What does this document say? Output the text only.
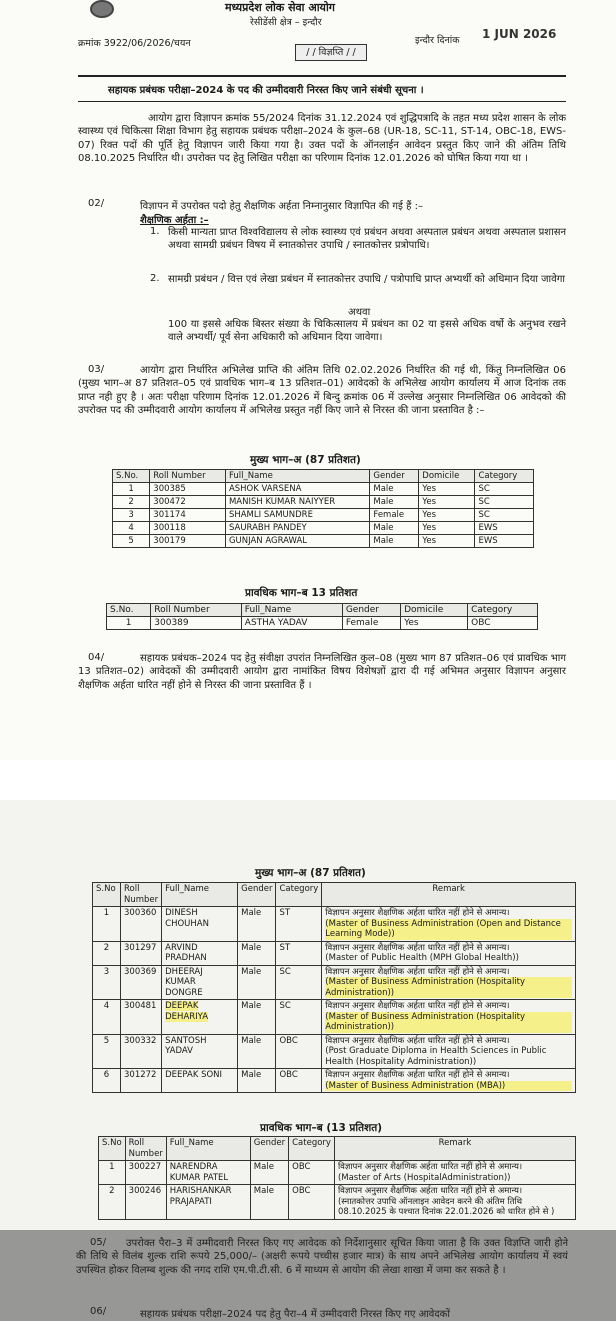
मध्यप्रदेश लोक सेवा आयोग
रेसीडेंसी क्षेत्र – इन्दौर
क्रमांक 3922/06/2026/चयन	इन्दौर दिनांक 1 JUN 2026
/ / विज्ञप्ति / /
सहायक प्रबंधक परीक्षा–2024 के पद की उम्मीदवारी निरस्त किए जाने संबंधी सूचना ।
आयोग द्वारा विज्ञापन क्रमांक 55/2024 दिनांक 31.12.2024 एवं शुद्धिपत्रादि के तहत मध्य प्रदेश शासन के लोक स्वास्थ्य एवं चिकित्सा शिक्षा विभाग हेतु सहायक प्रबंधक परीक्षा–2024 के कुल–68 (UR-18, SC-11, ST-14, OBC-18, EWS-07) रिक्त पदों की पूर्ति हेतु विज्ञापन जारी किया गया है। उक्त पदों के ऑनलाईन आवेदन प्रस्तुत किए जाने की अंतिम तिथि 08.10.2025 निर्धारित थी। उपरोक्त पद हेतु लिखित परीक्षा का परिणाम दिनांक 12.01.2026 को घोषित किया गया था ।
02/	विज्ञापन में उपरोक्त पदो हेतु शैक्षणिक अर्हता निम्नानुसार विज्ञापित की गई हैं :–
शैक्षणिक अर्हता :–
1. किसी मान्यता प्राप्त विश्वविद्यालय से लोक स्वास्थ्य एवं प्रबंधन अथवा अस्पताल प्रबंधन अथवा अस्पताल प्रशासन अथवा सामग्री प्रबंधन विषय में स्नातकोत्तर उपाधि / स्नातकोत्तर प्रत्रोपाधि।
2. सामग्री प्रबंधन / वित्त एवं लेखा प्रबंधन में स्नातकोत्तर उपाधि / पत्रोपाधि प्राप्त अभ्यर्थी को अधिमान दिया जावेगा
अथवा
100 या इससे अधिक बिस्तर संख्या के चिकित्सालय में प्रबंधन का 02 या इससे अधिक वर्षो के अनुभव रखने वाले अभ्यर्थी/ पूर्व सेना अधिकारी को अधिमान दिया जावेगा।
03/	आयोग द्वारा निर्धारित अभिलेख प्राप्ति की अंतिम तिथि 02.02.2026 निर्धारित की गई थी, किंतु निम्नलिखित 06 (मुख्य भाग–अ 87 प्रतिशत–05 एवं प्रावधिक भाग–ब 13 प्रतिशत–01) आवेदको के अभिलेख आयोग कार्यालय में आज दिनांक तक प्राप्त नही हुए है । अतः परीक्षा परिणाम दिनांक 12.01.2026 में बिन्दु क्रमांक 06 में उल्लेख अनुसार निम्नलिखित 06 आवेदको की उपरोक्त पद की उम्मीदवारी आयोग कार्यालय में अभिलेख प्रस्तुत नहीं किए जाने से निरस्त की जाना प्रस्तावित है :–
मुख्य भाग–अ (87 प्रतिशत)
S.No.	Roll Number	Full_Name	Gender	Domicile	Category
1	300385	ASHOK VARSENA	Male	Yes	SC
2	300472	MANISH KUMAR NAIYYER	Male	Yes	SC
3	301174	SHAMLI SAMUNDRE	Female	Yes	SC
4	300118	SAURABH PANDEY	Male	Yes	EWS
5	300179	GUNJAN AGRAWAL	Male	Yes	EWS
प्रावधिक भाग–ब 13 प्रतिशत
S.No.	Roll Number	Full_Name	Gender	Domicile	Category
1	300389	ASTHA YADAV	Female	Yes	OBC
04/	सहायक प्रबंधक–2024 पद हेतु संवीक्षा उपरांत निम्नलिखित कुल–08 (मुख्य भाग 87 प्रतिशत–06 एवं प्रावधिक भाग 13 प्रतिशत–02) आवेदकों की उम्मीदवारी आयोग द्वारा नामांकित विषय विशेषज्ञों द्वारा दी गई अभिमत अनुसार विज्ञापन अनुसार शैक्षणिक अर्हता धारित नहीं होने से निरस्त की जाना प्रस्तावित हैं ।
मुख्य भाग–अ (87 प्रतिशत)
S.No	Roll Number	Full_Name	Gender	Category	Remark
1	300360	DINESH CHOUHAN	Male	ST	विज्ञापन अनुसार शैक्षणिक अर्हता धारित नहीं होने से अमान्य।
(Master of Business Administration (Open and Distance Learning Mode))

2	301297	ARVIND PRADHAN	Male	ST	विज्ञापन अनुसार शैक्षणिक अर्हता धारित नहीं होने से अमान्य।
(Master of Public Health (MPH Global Health))

3	300369	DHEERAJ KUMAR DONGRE	Male	SC	विज्ञापन अनुसार शैक्षणिक अर्हता धारित नहीं होने से अमान्य।
(Master of Business Administration (Hospitality Administration))

4	300481	DEEPAK DEHARIYA	Male	SC	विज्ञापन अनुसार शैक्षणिक अर्हता धारित नहीं होने से अमान्य।
(Master of Business Administration (Hospitality Administration))

5	300332	SANTOSH YADAV	Male	OBC	विज्ञापन अनुसार शैक्षणिक अर्हता धारित नहीं होने से अमान्य।
(Post Graduate Diploma in Health Sciences in Public Health (Hospitality Administration))

6	301272	DEEPAK SONI	Male	OBC	विज्ञापन अनुसार शैक्षणिक अर्हता धारित नहीं होने से अमान्य।
(Master of Business Administration (MBA))
प्रावधिक भाग–ब (13 प्रतिशत)
S.No	Roll Number	Full_Name	Gender	Category	Remark
1	300227	NARENDRA KUMAR PATEL	Male	OBC	विज्ञापन अनुसार शैक्षणिक अर्हता धारित नहीं होने से अमान्य।
(Master of Arts (HospitalAdministration))

2	300246	HARISHANKAR PRAJAPATI	Male	OBC	विज्ञापन अनुसार शैक्षणिक अर्हता धारित नहीं होने से अमान्य।
(स्नातकोत्तर उपाधि ऑनलाइन आवेदन करने की अंतिम तिथि 08.10.2025 के पश्चात दिनांक 22.01.2026 को धारित होने से )
05/	उपरोक्त पैरा–3 में उम्मीदवारी निरस्त किए गए आवेदक को निर्देशानुसार सूचित किया जाता है कि उक्त विज्ञप्ति जारी होने की तिथि से विलंब शुल्क राशि रूपये 25,000/– (अक्षरी रूपये पच्चीस हजार मात्र) के साथ अपने अभिलेख आयोग कार्यालय में स्वयं उपस्थित होकर विलम्ब शुल्क की नगद राशि एम.पी.टी.सी. 6 में माध्यम से आयोग की लेखा शाखा में जमा कर सकते है ।
06/	सहायक प्रबंधक परीक्षा–2024 पद हेतु पैरा–4 में उम्मीदवारी निरस्त किए गए आवेदकों
